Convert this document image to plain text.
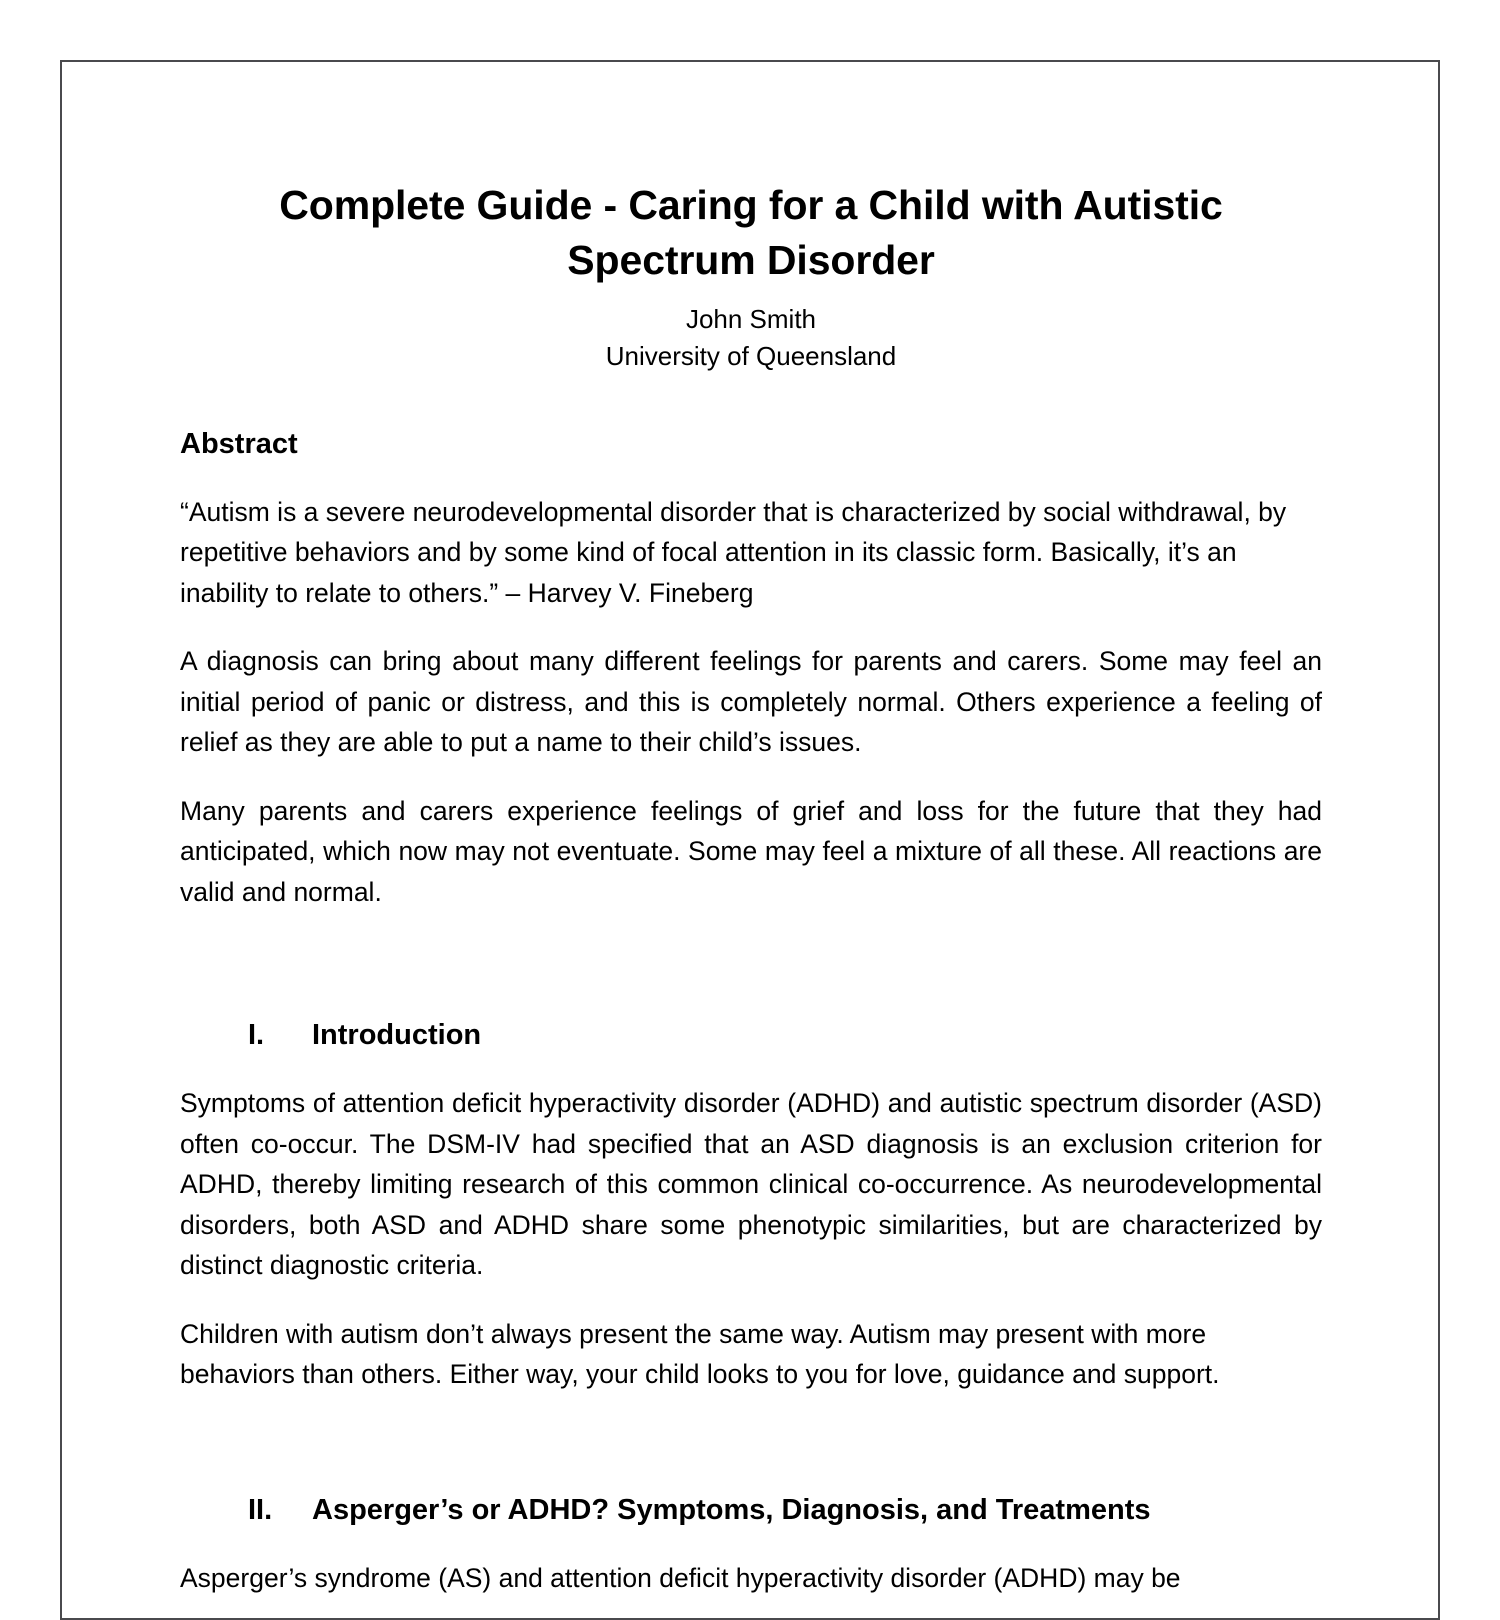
Complete Guide - Caring for a Child with Autistic Spectrum Disorder
John Smith
University of Queensland
Abstract

“Autism is a severe neurodevelopmental disorder that is characterized by social withdrawal, by repetitive behaviors and by some kind of focal attention in its classic form. Basically, it’s an inability to relate to others.” – Harvey V. Fineberg

A diagnosis can bring about many different feelings for parents and carers. Some may feel an initial period of panic or distress, and this is completely normal. Others experience a feeling of relief as they are able to put a name to their child’s issues.

Many parents and carers experience feelings of grief and loss for the future that they had anticipated, which now may not eventuate. Some may feel a mixture of all these. All reactions are valid and normal.

I.	Introduction

Symptoms of attention deficit hyperactivity disorder (ADHD) and autistic spectrum disorder (ASD) often co-occur. The DSM-IV had specified that an ASD diagnosis is an exclusion criterion for ADHD, thereby limiting research of this common clinical co-occurrence. As neurodevelopmental disorders, both ASD and ADHD share some phenotypic similarities, but are characterized by distinct diagnostic criteria.

Children with autism don’t always present the same way. Autism may present with more behaviors than others. Either way, your child looks to you for love, guidance and support.

II.	Asperger’s or ADHD? Symptoms, Diagnosis, and Treatments

Asperger’s syndrome (AS) and attention deficit hyperactivity disorder (ADHD) may be
